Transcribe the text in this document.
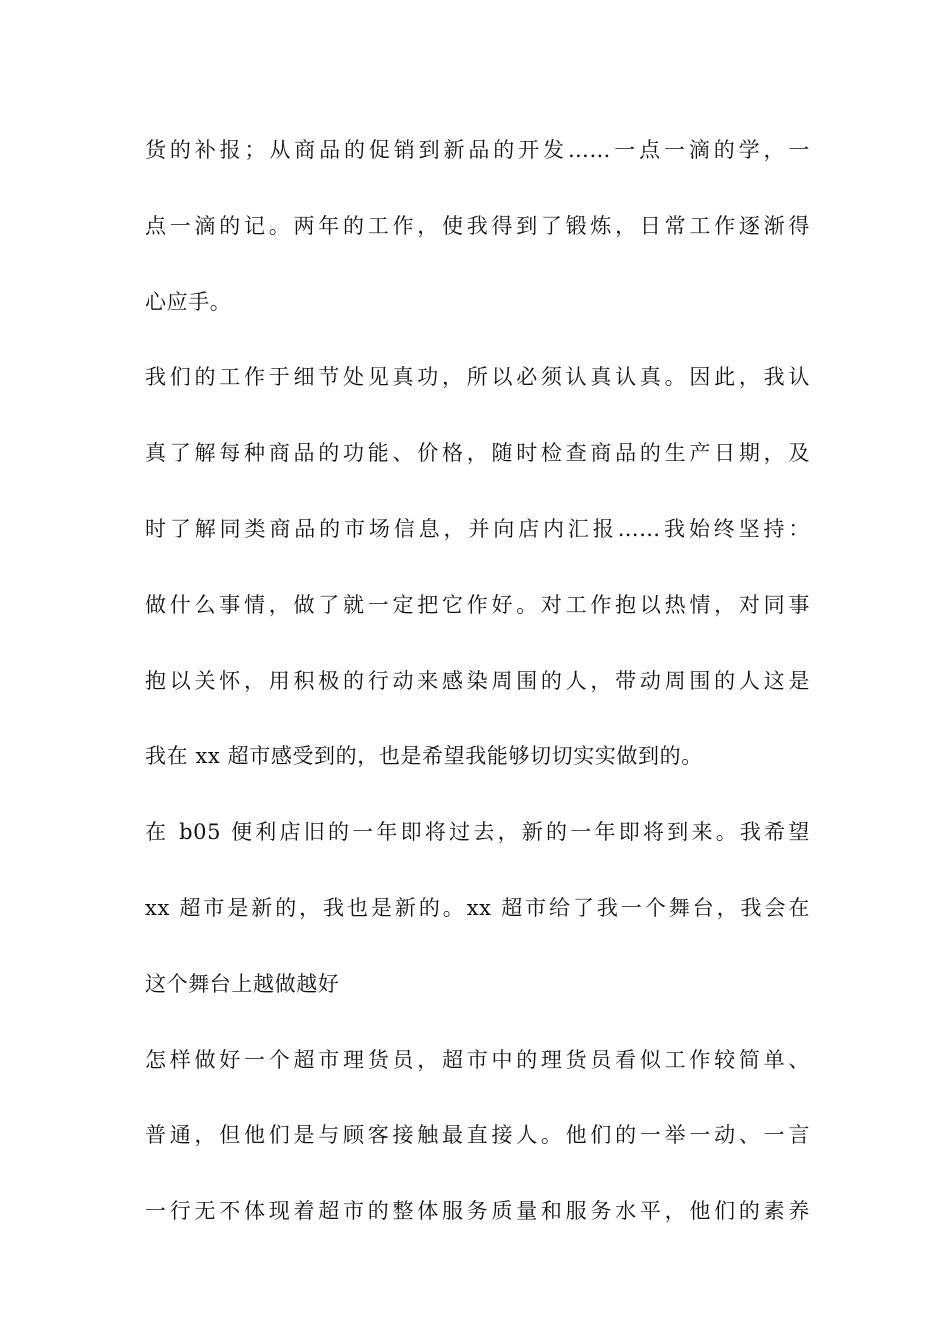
货的补报；从商品的促销到新品的开发……一点一滴的学，一
点一滴的记。两年的工作，使我得到了锻炼，日常工作逐渐得
心应手。
我们的工作于细节处见真功，所以必须认真认真。因此，我认
真了解每种商品的功能、价格，随时检查商品的生产日期，及
时了解同类商品的市场信息，并向店内汇报……我始终坚持：
做什么事情，做了就一定把它作好。对工作抱以热情，对同事
抱以关怀，用积极的行动来感染周围的人，带动周围的人这是
我在 xx 超市感受到的，也是希望我能够切切实实做到的。
在 b05 便利店旧的一年即将过去，新的一年即将到来。我希望
xx 超市是新的，我也是新的。xx 超市给了我一个舞台，我会在
这个舞台上越做越好
怎样做好一个超市理货员，超市中的理货员看似工作较简单、
普通，但他们是与顾客接触最直接人。他们的一举一动、一言
一行无不体现着超市的整体服务质量和服务水平，他们的素养
